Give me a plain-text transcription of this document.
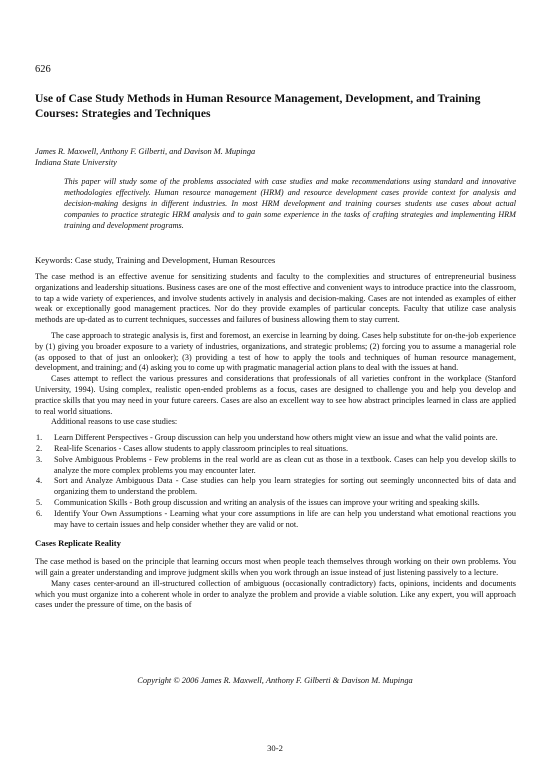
626
Use of Case Study Methods in Human Resource Management, Development, and Training Courses: Strategies and Techniques
James R. Maxwell, Anthony F. Gilberti, and Davison M. Mupinga
Indiana State University

This paper will study some of the problems associated with case studies and make recommendations using standard and innovative methodologies effectively. Human resource management (HRM) and resource development cases provide context for analysis and decision-making designs in different industries. In most HRM development and training courses students use cases about actual companies to practice strategic HRM analysis and to gain some experience in the tasks of crafting strategies and implementing HRM training and development programs.

Keywords: Case study, Training and Development, Human Resources

The case method is an effective avenue for sensitizing students and faculty to the complexities and structures of entrepreneurial business organizations and leadership situations. Business cases are one of the most effective and convenient ways to introduce practice into the classroom, to tap a wide variety of experiences, and involve students actively in analysis and decision-making. Cases are not intended as examples of either weak or exceptionally good management practices. Nor do they provide examples of particular concepts. Faculty that utilize case analysis methods are up-dated as to current techniques, successes and failures of business allowing them to stay current.

The case approach to strategic analysis is, first and foremost, an exercise in learning by doing. Cases help substitute for on-the-job experience by (1) giving you broader exposure to a variety of industries, organizations, and strategic problems; (2) forcing you to assume a managerial role (as opposed to that of just an onlooker); (3) providing a test of how to apply the tools and techniques of human resource management, development, and training; and (4) asking you to come up with pragmatic managerial action plans to deal with the issues at hand.

Cases attempt to reflect the various pressures and considerations that professionals of all varieties confront in the workplace (Stanford University, 1994). Using complex, realistic open-ended problems as a focus, cases are designed to challenge you and help you develop and practice skills that you may need in your future careers. Cases are also an excellent way to see how abstract principles learned in class are applied to real world situations.

Additional reasons to use case studies:

1.	Learn Different Perspectives - Group discussion can help you understand how others might view an issue and what the valid points are.
2.	Real-life Scenarios - Cases allow students to apply classroom principles to real situations.
3.	Solve Ambiguous Problems - Few problems in the real world are as clean cut as those in a textbook. Cases can help you develop skills to analyze the more complex problems you may encounter later.
4.	Sort and Analyze Ambiguous Data - Case studies can help you learn strategies for sorting out seemingly unconnected bits of data and organizing them to understand the problem.
5.	Communication Skills - Both group discussion and writing an analysis of the issues can improve your writing and speaking skills.
6.	Identify Your Own Assumptions - Learning what your core assumptions in life are can help you understand what emotional reactions you may have to certain issues and help consider whether they are valid or not.
Cases Replicate Reality

The case method is based on the principle that learning occurs most when people teach themselves through working on their own problems. You will gain a greater understanding and improve judgment skills when you work through an issue instead of just listening passively to a lecture.

Many cases center-around an ill-structured collection of ambiguous (occasionally contradictory) facts, opinions, incidents and documents which you must organize into a coherent whole in order to analyze the problem and provide a viable solution. Like any expert, you will approach cases under the pressure of time, on the basis of

Copyright © 2006 James R. Maxwell, Anthony F. Gilberti & Davison M. Mupinga
30-2
